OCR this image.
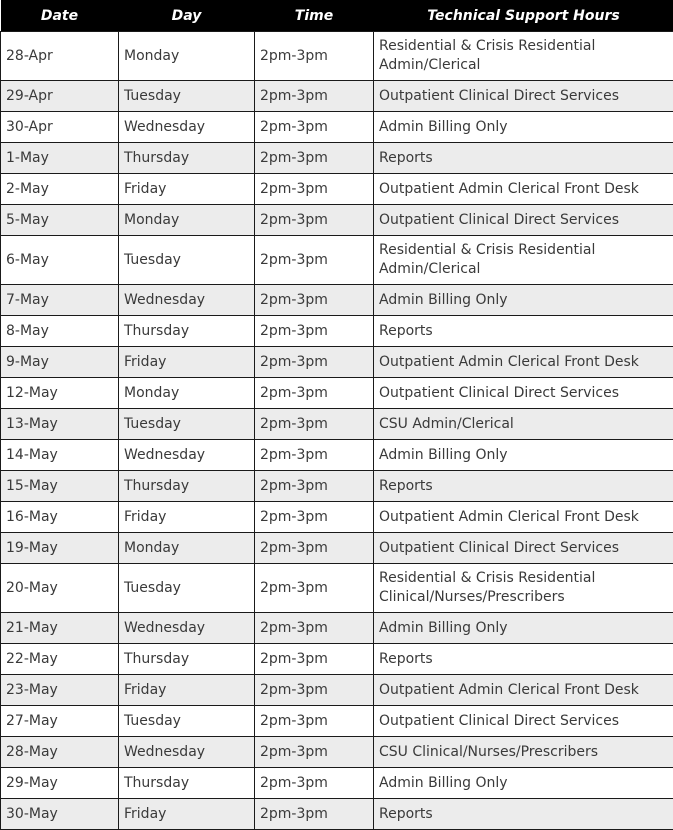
Date	Day	Time	Technical Support Hours
28-Apr	Monday	2pm-3pm	Residential & Crisis Residential Admin/Clerical
29-Apr	Tuesday	2pm-3pm	Outpatient Clinical Direct Services
30-Apr	Wednesday	2pm-3pm	Admin Billing Only
1-May	Thursday	2pm-3pm	Reports
2-May	Friday	2pm-3pm	Outpatient Admin Clerical Front Desk
5-May	Monday	2pm-3pm	Outpatient Clinical Direct Services
6-May	Tuesday	2pm-3pm	Residential & Crisis Residential Admin/Clerical
7-May	Wednesday	2pm-3pm	Admin Billing Only
8-May	Thursday	2pm-3pm	Reports
9-May	Friday	2pm-3pm	Outpatient Admin Clerical Front Desk
12-May	Monday	2pm-3pm	Outpatient Clinical Direct Services
13-May	Tuesday	2pm-3pm	CSU Admin/Clerical
14-May	Wednesday	2pm-3pm	Admin Billing Only
15-May	Thursday	2pm-3pm	Reports
16-May	Friday	2pm-3pm	Outpatient Admin Clerical Front Desk
19-May	Monday	2pm-3pm	Outpatient Clinical Direct Services
20-May	Tuesday	2pm-3pm	Residential & Crisis Residential Clinical/Nurses/Prescribers
21-May	Wednesday	2pm-3pm	Admin Billing Only
22-May	Thursday	2pm-3pm	Reports
23-May	Friday	2pm-3pm	Outpatient Admin Clerical Front Desk
27-May	Tuesday	2pm-3pm	Outpatient Clinical Direct Services
28-May	Wednesday	2pm-3pm	CSU Clinical/Nurses/Prescribers
29-May	Thursday	2pm-3pm	Admin Billing Only
30-May	Friday	2pm-3pm	Reports
